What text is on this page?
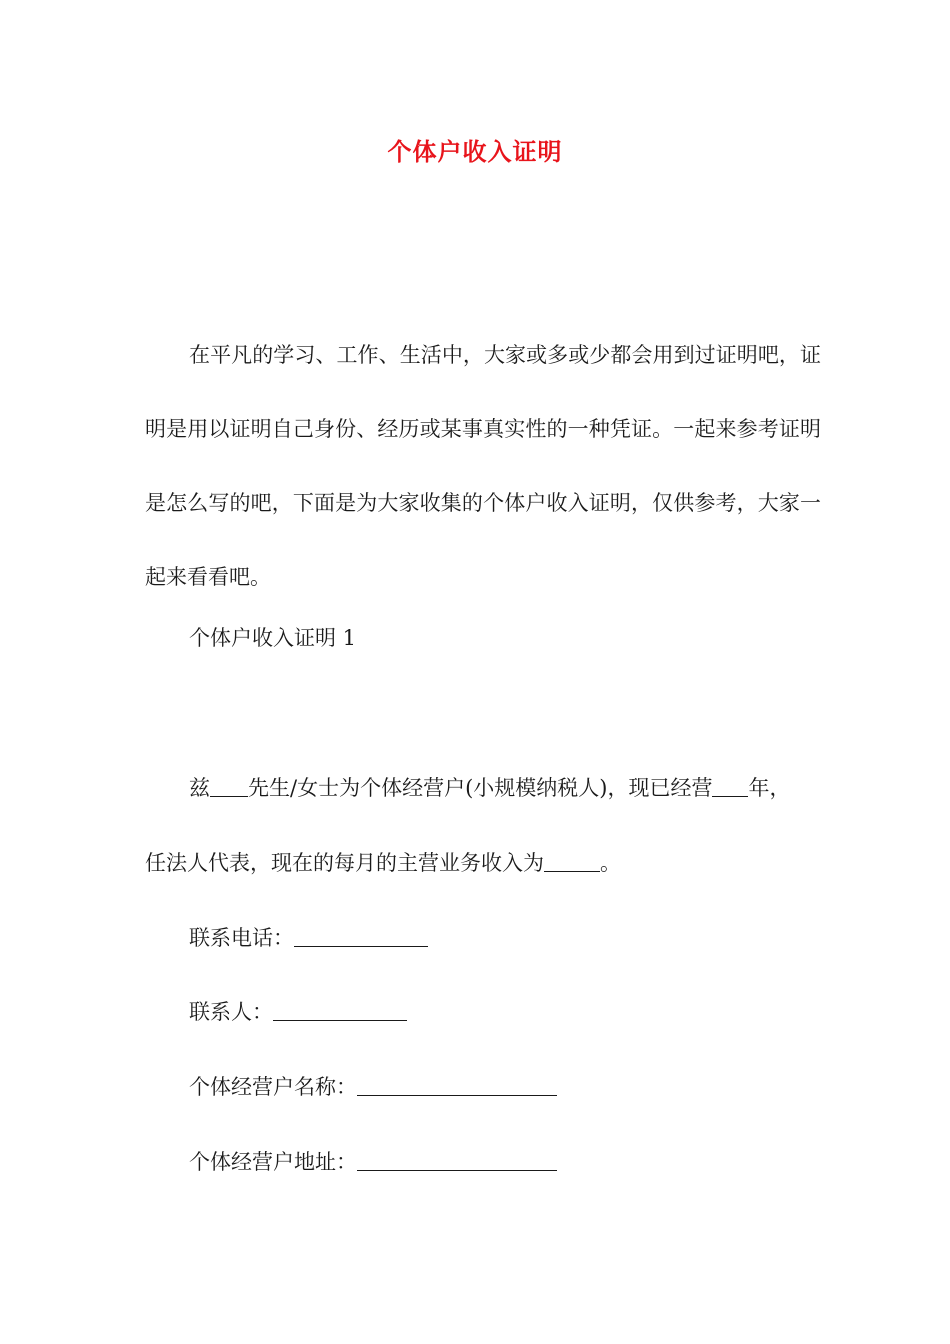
个体户收入证明

在平凡的学习、工作、生活中，大家或多或少都会用到过证明吧，证明是用以证明自己身份、经历或某事真实性的一种凭证。一起来参考证明是怎么写的吧，下面是为大家收集的个体户收入证明，仅供参考，大家一起来看看吧。

个体户收入证明 1

兹 先生/女士为个体经营户(小规模纳税人)，现已经营 年，

任法人代表，现在的每月的主营业务收入为	。

联系电话：

联系人：

个体经营户名称：

个体经营户地址：
